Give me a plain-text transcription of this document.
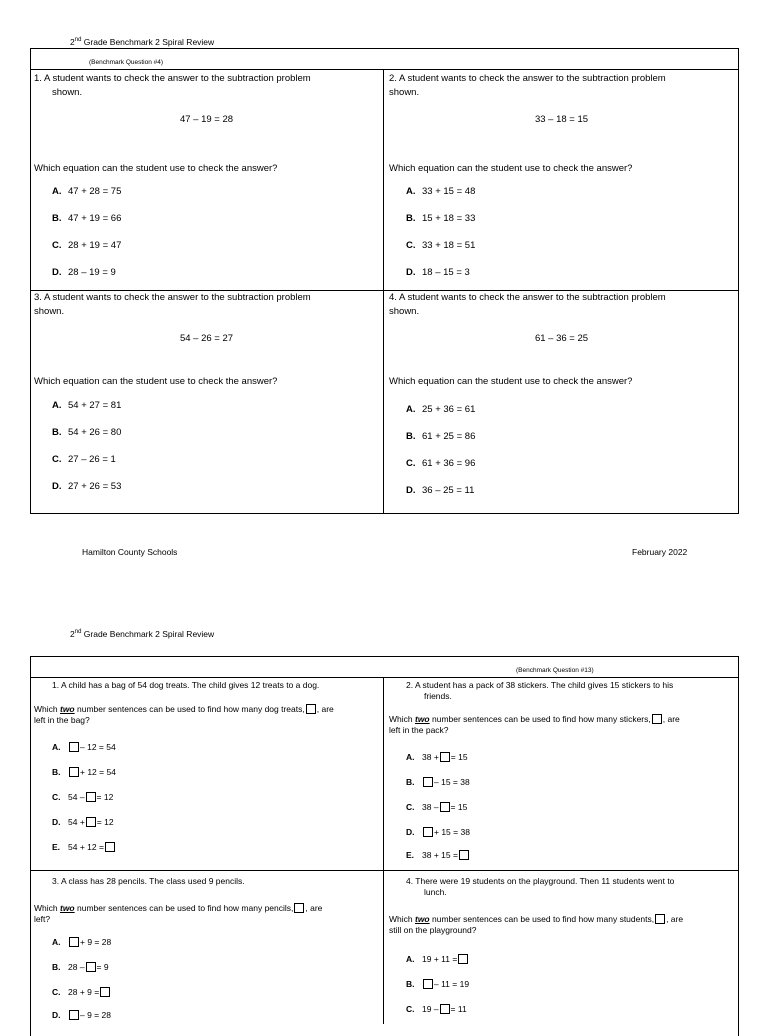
2nd Grade Benchmark 2 Spiral Review
(Benchmark Question #4)
1. A student wants to check the answer to the subtraction problem
shown.
47 – 19 = 28
Which equation can the student use to check the answer?
A. 47 + 28 = 75
B. 47 + 19 = 66
C. 28 + 19 = 47
D. 28 – 19 = 9
2. A student wants to check the answer to the subtraction problem
shown.
33 – 18 = 15
Which equation can the student use to check the answer?
A. 33 + 15 = 48
B. 15 + 18 = 33
C. 33 + 18 = 51
D. 18 – 15 = 3
3. A student wants to check the answer to the subtraction problem
shown.
54 – 26 = 27
Which equation can the student use to check the answer?
A. 54 + 27 = 81
B. 54 + 26 = 80
C. 27 – 26 = 1
D. 27 + 26 = 53
4. A student wants to check the answer to the subtraction problem
shown.
61 – 36 = 25
Which equation can the student use to check the answer?
A. 25 + 36 = 61
B. 61 + 25 = 86
C. 61 + 36 = 96
D. 36 – 25 = 11
Hamilton County Schools	February 2022
2nd Grade Benchmark 2 Spiral Review
(Benchmark Question #13)
1. A child has a bag of 54 dog treats. The child gives 12 treats to a dog.
Which two number sentences can be used to find how many dog treats, , are
left in the bag?
A. – 12 = 54
B. + 12 = 54
C. 54 – = 12
D. 54 + = 12
E. 54 + 12 =
2. A student has a pack of 38 stickers. The child gives 15 stickers to his
friends.
Which two number sentences can be used to find how many stickers, , are
left in the pack?
A. 38 + = 15
B. – 15 = 38
C. 38 – = 15
D. + 15 = 38
E. 38 + 15 =
3. A class has 28 pencils. The class used 9 pencils.
Which two number sentences can be used to find how many pencils, , are
left?
A. + 9 = 28
B. 28 – = 9
C. 28 + 9 =
D. – 9 = 28
4. There were 19 students on the playground. Then 11 students went to
lunch.
Which two number sentences can be used to find how many students, , are
still on the playground?
A. 19 + 11 =
B. – 11 = 19
C. 19 – = 11
